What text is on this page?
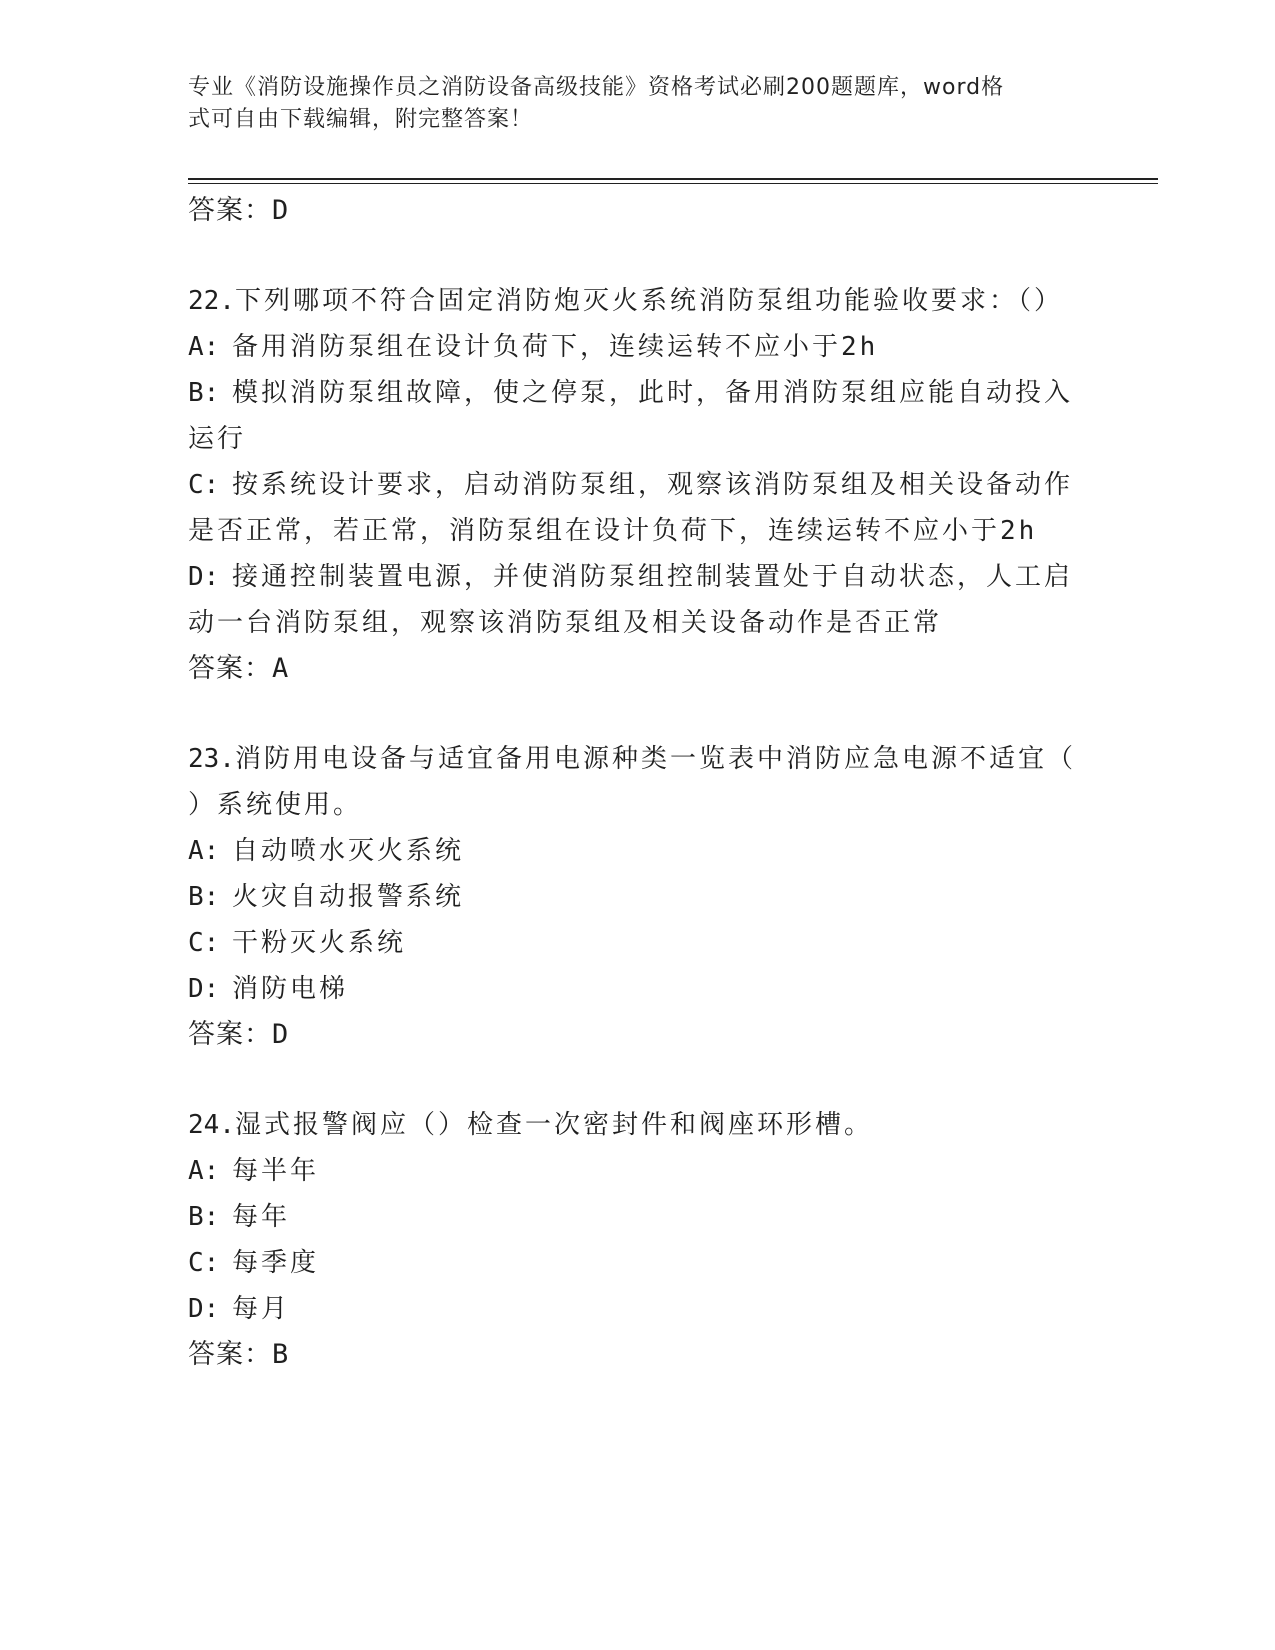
专业《消防设施操作员之消防设备高级技能》资格考试必刷200题题库，word格
式可自由下载编辑，附完整答案！
答案：D
22.下列哪项不符合固定消防炮灭火系统消防泵组功能验收要求：（）
A: 备用消防泵组在设计负荷下，连续运转不应小于2h
B: 模拟消防泵组故障，使之停泵，此时，备用消防泵组应能自动投入
运行
C: 按系统设计要求，启动消防泵组，观察该消防泵组及相关设备动作
是否正常，若正常，消防泵组在设计负荷下，连续运转不应小于2h
D: 接通控制装置电源，并使消防泵组控制装置处于自动状态，人工启
动一台消防泵组，观察该消防泵组及相关设备动作是否正常
答案：A
23.消防用电设备与适宜备用电源种类一览表中消防应急电源不适宜（
）系统使用。
A: 自动喷水灭火系统
B: 火灾自动报警系统
C: 干粉灭火系统
D: 消防电梯
答案：D
24.湿式报警阀应（）检查一次密封件和阀座环形槽。
A: 每半年
B: 每年
C: 每季度
D: 每月
答案：B
